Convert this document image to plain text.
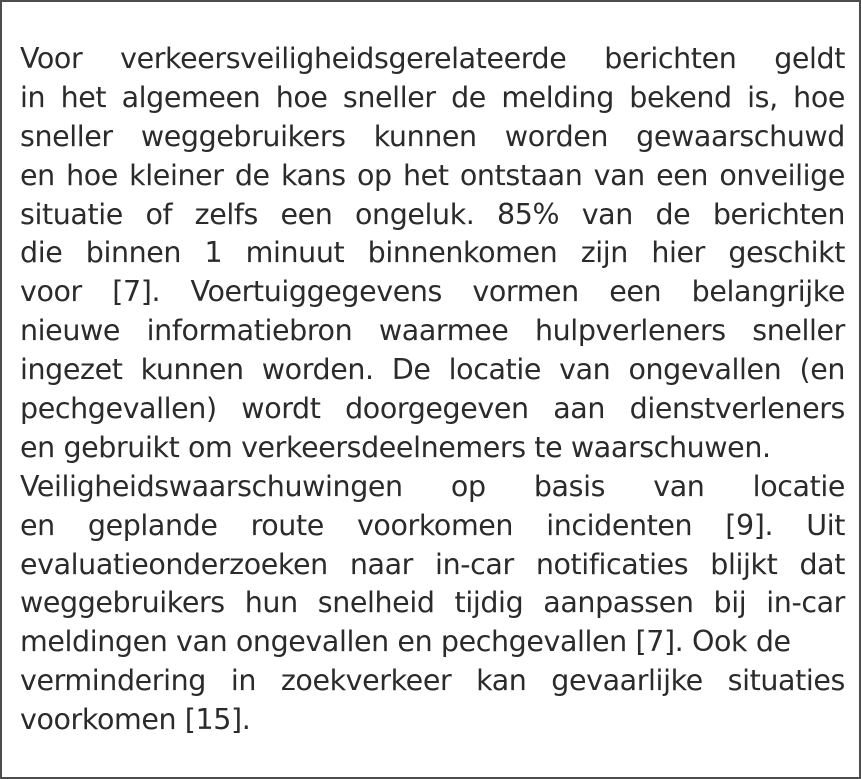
Voor verkeersveiligheidsgerelateerde berichten geldt
in het algemeen hoe sneller de melding bekend is, hoe
sneller weggebruikers kunnen worden gewaarschuwd
en hoe kleiner de kans op het ontstaan van een onveilige
situatie of zelfs een ongeluk. 85% van de berichten
die binnen 1 minuut binnenkomen zijn hier geschikt
voor [7]. Voertuiggegevens vormen een belangrijke
nieuwe informatiebron waarmee hulpverleners sneller
ingezet kunnen worden. De locatie van ongevallen (en
pechgevallen) wordt doorgegeven aan dienstverleners
en gebruikt om verkeersdeelnemers te waarschuwen.
Veiligheidswaarschuwingen op basis van locatie
en geplande route voorkomen incidenten [9]. Uit
evaluatieonderzoeken naar in-car notificaties blijkt dat
weggebruikers hun snelheid tijdig aanpassen bij in-car
meldingen van ongevallen en pechgevallen [7]. Ook de
vermindering in zoekverkeer kan gevaarlijke situaties
voorkomen [15].
